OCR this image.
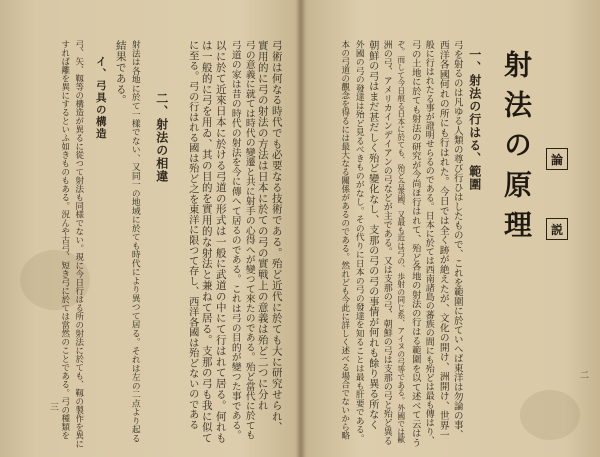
論
説
射法の原理
一、射法の行はる、範圍
弓を射るのは凡ゆる人類の尊び行ひはしたもので、これを範圍に於ていへば東洋は勿論の事、
西洋各國何れの所にも行はれた。今日では全く跡が絶えたが、文化の開け、洲開け、世界一
般に行はれたる事が證明せらるのである。日本に於ては西南諸島の蕃族の間にも殆どは最も傳はり、
弓の土地に於ても射法の研究が今尚ほ行はれて、殆ど各地の射法の行はる範圍を以て述べて云はう
ぞ。而して今日痕る日本に於ても、殆ど合衆國、又最も近は弓の、歩射の同じ系、アイヌの弓等である。外國では歐
洲の弓、アメリカインデイアンの弓などが主である。又は支那の弓、朝鮮の弓は支那の弓と殆ど異る
朝鮮の弓はまだ甚だしく殆ど變化なし、支那の弓の弓の事情が何れも餘り異る所なく
外國の弓の發達は殆ど見るべきものがなし。その代りに日本の弓の發達を知ることは最も肝要である。
本の弓道の觀念を得るには最大なる關係があるのである。然れども今此に詳しく述べる場合でないから略	二
弓術は何なる時代でも必要なる技術である。殆ど近代に於ても大に研究せられ、
實用的に弓の射法の方法は日本に於ての弓の實戦上の意義は殆ど二つに分れ
弓の意義に就ては時代の變遷と共に射手の心得へが變つて來たのである。殆ど當代に於ても
弓道の家は昔の時代の射法を今に傳へて居るのである。これは弓の目的が變つた事である。
以に於て近來日本に於ける弓道の形式は一般に武道の中にて行はれて居る。何れも
は一般的に弓を用ゐ、其の目的を實用的な射法と兼ねて居る。支那の弓も我に似て
に至る。弓の行はれる國は殆ど之を東洋に限つて存し、西洋各國は殆どないのである
二、射法の相違
射法は各地に於て一樣でない、又同一の地域に於ても時代により異つて居る。それは左の二点より起る
結果である。
イ、弓具の構造
弓、矢、靱等の構造が異るに從つて射法も同様でない。現に今日行はる所の射法に於ても、靱の製作を異に
すれば離を異にするといふ如きものもある。況んや古弓、短き弓に於ては當然のことである。弓の種類を
三
